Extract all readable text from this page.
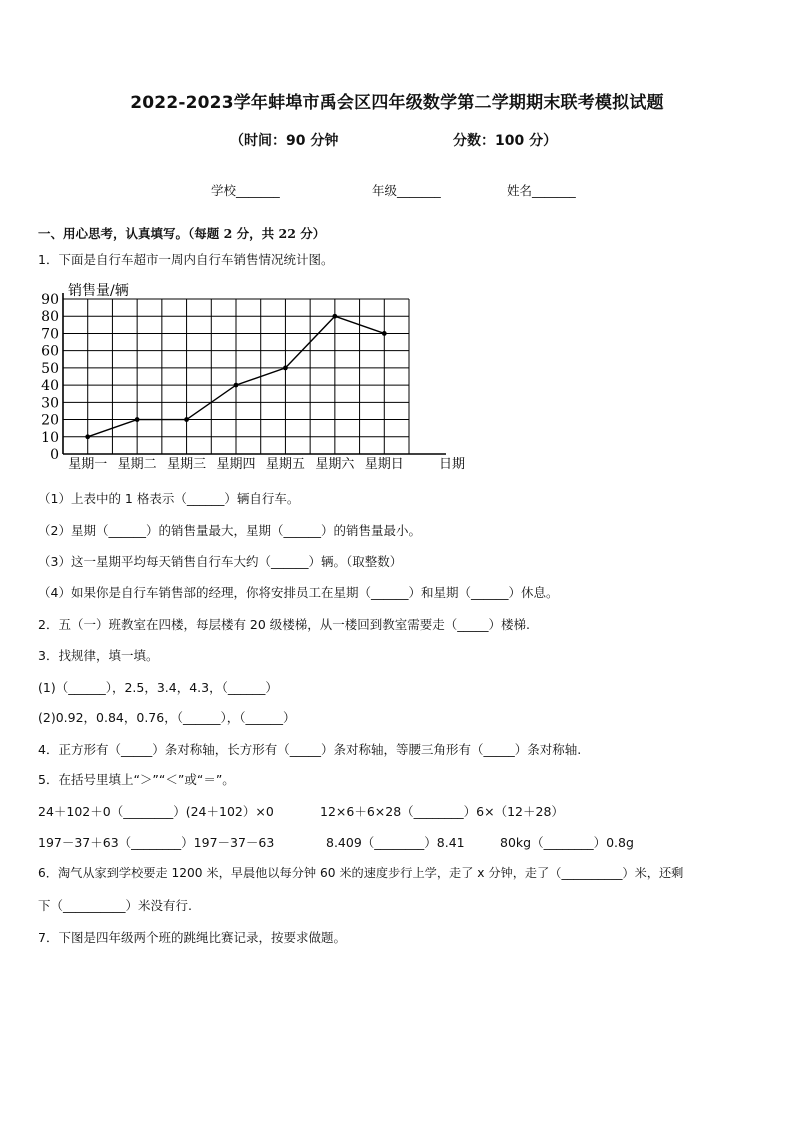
2022-2023学年蚌埠市禹会区四年级数学第二学期期末联考模拟试题
（时间：90 分钟	分数：100 分）
学校_______	年级_______	姓名_______
一、用心思考，认真填写。（每题 2 分，共 22 分）
1．下面是自行车超市一周内自行车销售情况统计图。
0
10
20
30
40
50
60
70
80
90
星期一 星期二 星期三 星期四 星期五 星期六 星期日
销售量/辆
日期
（1）上表中的 1 格表示（______）辆自行车。
（2）星期（______）的销售量最大，星期（______）的销售量最小。
（3）这一星期平均每天销售自行车大约（______）辆。（取整数）
（4）如果你是自行车销售部的经理，你将安排员工在星期（______）和星期（______）休息。
2．五（一）班教室在四楼，每层楼有 20 级楼梯，从一楼回到教室需要走（_____）楼梯.
3．找规律，填一填。
(1)（______），2.5，3.4，4.3，（______）
(2)0.92，0.84，0.76，（______），（______）
4．正方形有（_____）条对称轴，长方形有（_____）条对称轴，等腰三角形有（_____）条对称轴.
5．在括号里填上“＞”“＜”或“＝”。
24＋102＋0（________）(24＋102）×0	12×6＋6×28（________）6×（12＋28）
197－37＋63（________）197－37－63	8.409（________）8.41	80kg（________）0.8g
6．淘气从家到学校要走 1200 米，早晨他以每分钟 60 米的速度步行上学，走了 x 分钟，走了（__________）米，还剩
下（__________）米没有行.
7．下图是四年级两个班的跳绳比赛记录，按要求做题。
